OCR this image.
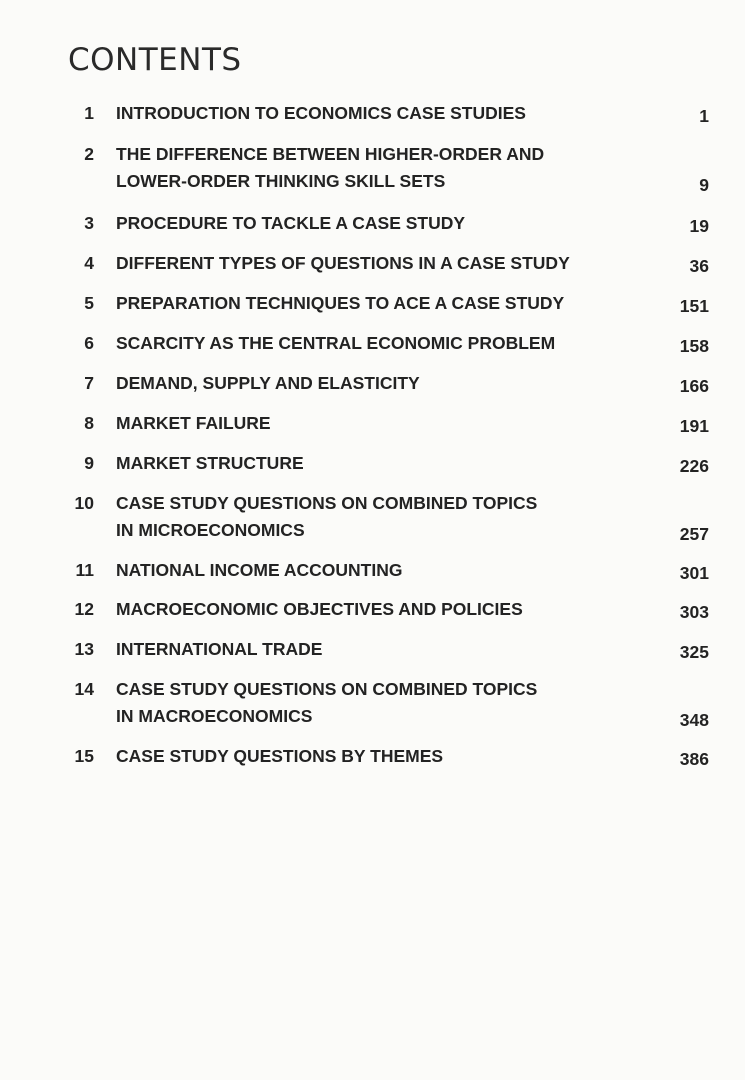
CONTENTS
1 INTRODUCTION TO ECONOMICS CASE STUDIES	1
2 THE DIFFERENCE BETWEEN HIGHER-ORDER AND
LOWER-ORDER THINKING SKILL SETS	9
3 PROCEDURE TO TACKLE A CASE STUDY	19
4 DIFFERENT TYPES OF QUESTIONS IN A CASE STUDY	36
5 PREPARATION TECHNIQUES TO ACE A CASE STUDY	151
6 SCARCITY AS THE CENTRAL ECONOMIC PROBLEM	158
7 DEMAND, SUPPLY AND ELASTICITY	166
8 MARKET FAILURE	191
9 MARKET STRUCTURE	226
10 CASE STUDY QUESTIONS ON COMBINED TOPICS
IN MICROECONOMICS	257
11 NATIONAL INCOME ACCOUNTING	301
12 MACROECONOMIC OBJECTIVES AND POLICIES	303
13 INTERNATIONAL TRADE	325
14 CASE STUDY QUESTIONS ON COMBINED TOPICS
IN MACROECONOMICS	348
15 CASE STUDY QUESTIONS BY THEMES	386
